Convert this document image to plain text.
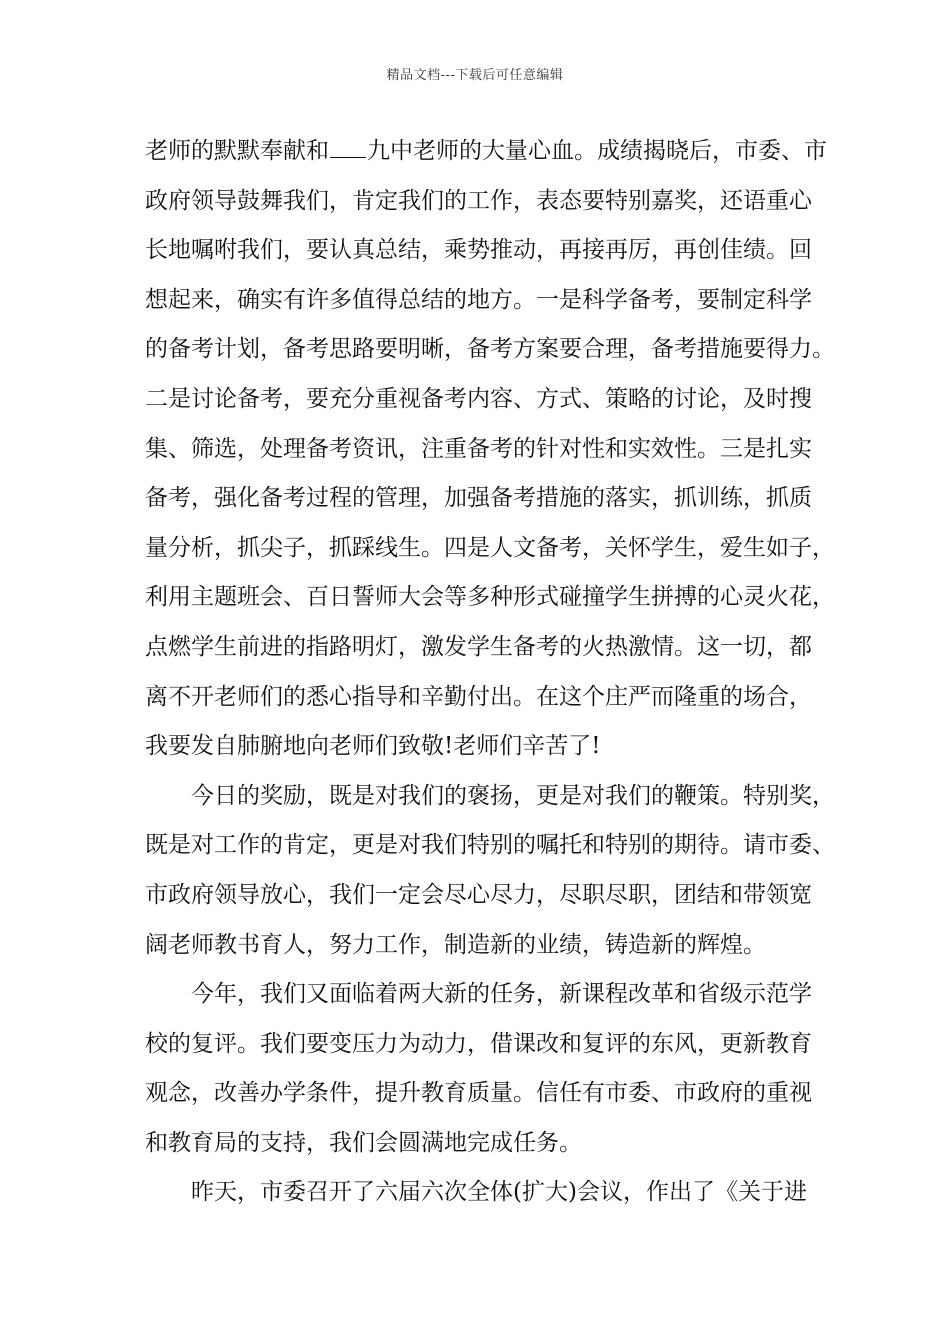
精品文档---下载后可任意编辑
老师的默默奉献和 九中老师的大量心血。成绩揭晓后，市委、市
政府领导鼓舞我们，肯定我们的工作，表态要特别嘉奖，还语重心
长地嘱咐我们，要认真总结，乘势推动，再接再厉，再创佳绩。回
想起来，确实有许多值得总结的地方。一是科学备考，要制定科学
的备考计划，备考思路要明晰，备考方案要合理，备考措施要得力。
二是讨论备考，要充分重视备考内容、方式、策略的讨论，及时搜
集、筛选，处理备考资讯，注重备考的针对性和实效性。三是扎实
备考，强化备考过程的管理，加强备考措施的落实，抓训练，抓质
量分析，抓尖子，抓踩线生。四是人文备考，关怀学生，爱生如子，
利用主题班会、百日誓师大会等多种形式碰撞学生拼搏的心灵火花，
点燃学生前进的指路明灯，激发学生备考的火热激情。这一切，都
离不开老师们的悉心指导和辛勤付出。在这个庄严而隆重的场合，
我要发自肺腑地向老师们致敬!老师们辛苦了!
今日的奖励，既是对我们的褒扬，更是对我们的鞭策。特别奖，
既是对工作的肯定，更是对我们特别的嘱托和特别的期待。请市委、
市政府领导放心，我们一定会尽心尽力，尽职尽职，团结和带领宽
阔老师教书育人，努力工作，制造新的业绩，铸造新的辉煌。
今年，我们又面临着两大新的任务，新课程改革和省级示范学
校的复评。我们要变压力为动力，借课改和复评的东风，更新教育
观念，改善办学条件，提升教育质量。信任有市委、市政府的重视
和教育局的支持，我们会圆满地完成任务。
昨天，市委召开了六届六次全体(扩大)会议，作出了《关于进
